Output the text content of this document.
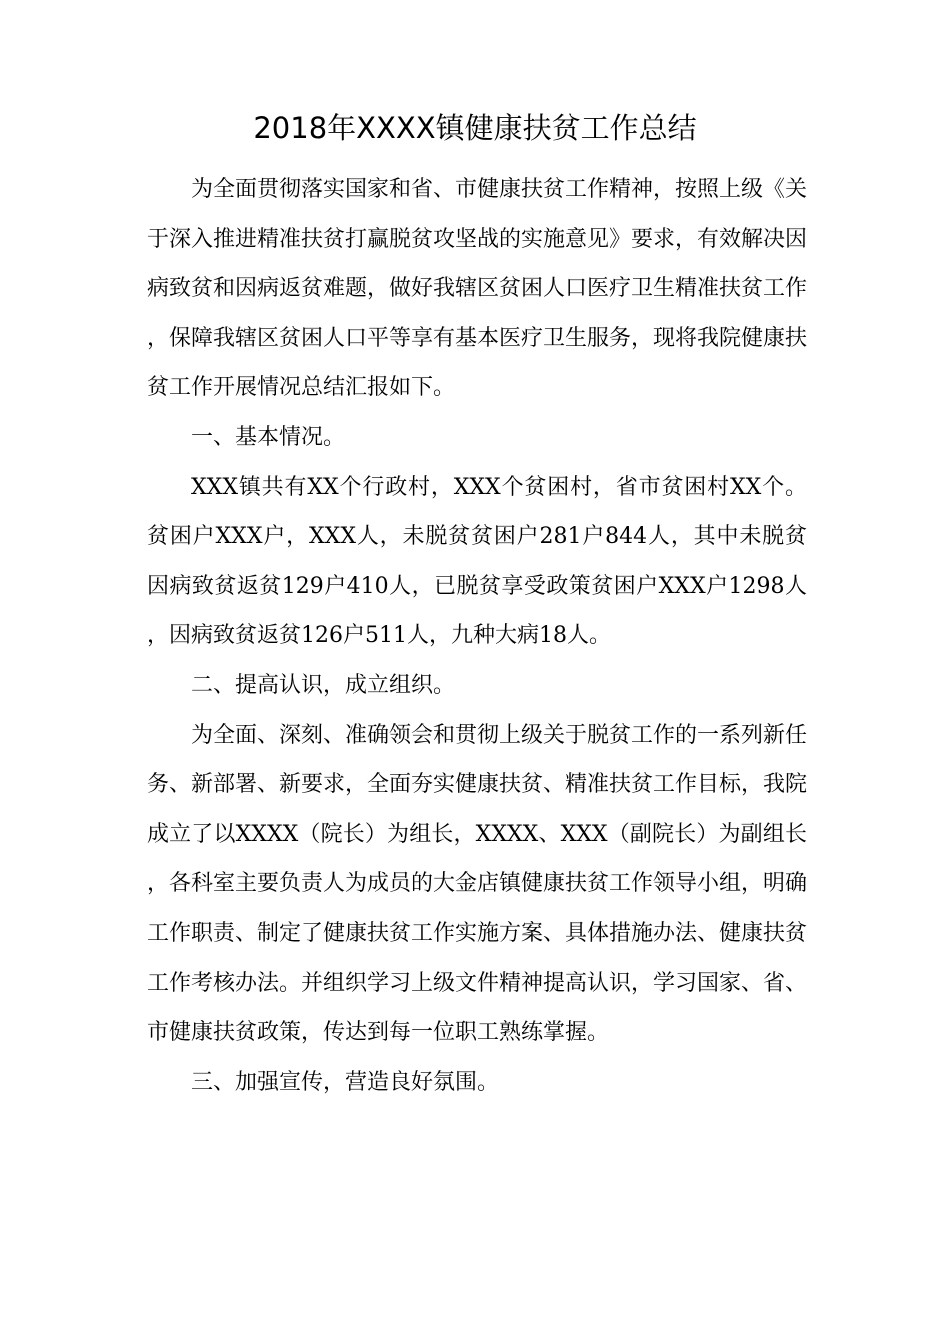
2018年XXXX镇健康扶贫工作总结

为全面贯彻落实国家和省、市健康扶贫工作精神，按照上级《关于深入推进精准扶贫打赢脱贫攻坚战的实施意见》要求，有效解决因病致贫和因病返贫难题，做好我辖区贫困人口医疗卫生精准扶贫工作，保障我辖区贫困人口平等享有基本医疗卫生服务，现将我院健康扶贫工作开展情况总结汇报如下。

一、基本情况。

XXX镇共有XX个行政村，XXX个贫困村，省市贫困村XX个。贫困户XXX户，XXX人，未脱贫贫困户281户844人，其中未脱贫因病致贫返贫129户410人，已脱贫享受政策贫困户XXX户1298人，因病致贫返贫126户511人，九种大病18人。

二、提高认识，成立组织。

为全面、深刻、准确领会和贯彻上级关于脱贫工作的一系列新任务、新部署、新要求，全面夯实健康扶贫、精准扶贫工作目标，我院成立了以XXXX（院长）为组长，XXXX、XXX（副院长）为副组长，各科室主要负责人为成员的大金店镇健康扶贫工作领导小组，明确工作职责、制定了健康扶贫工作实施方案、具体措施办法、健康扶贫工作考核办法。并组织学习上级文件精神提高认识，学习国家、省、市健康扶贫政策，传达到每一位职工熟练掌握。

三、加强宣传，营造良好氛围。
